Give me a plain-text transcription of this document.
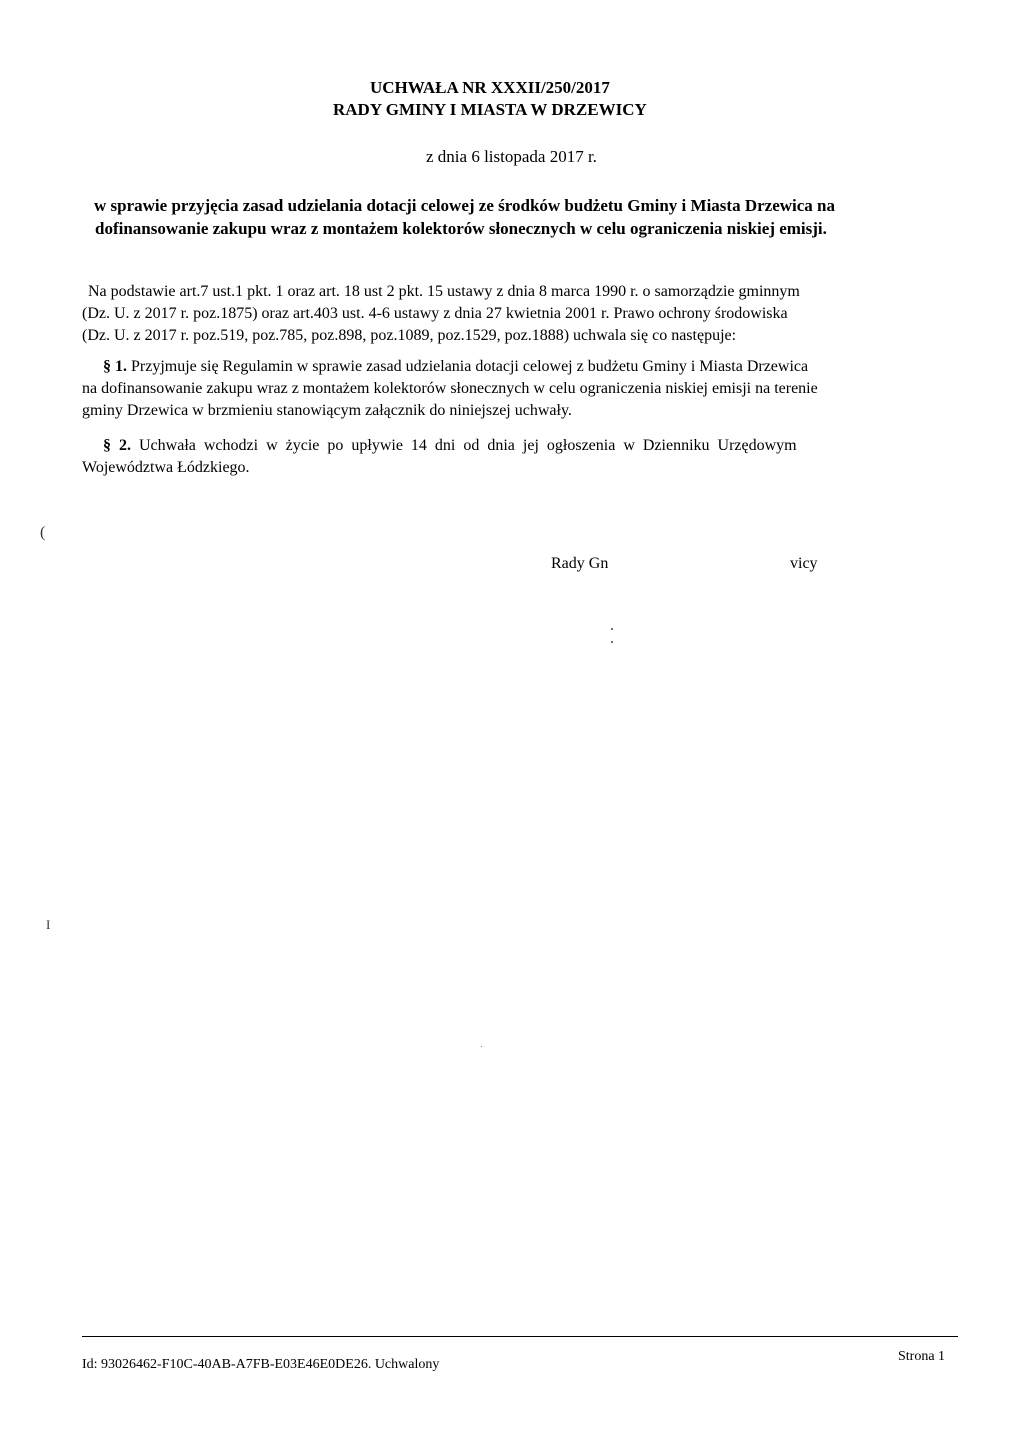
UCHWAŁA NR XXXII/250/2017
RADY GMINY I MIASTA W DRZEWICY
z dnia 6 listopada 2017 r.
w sprawie przyjęcia zasad udzielania dotacji celowej ze środków budżetu Gminy i Miasta Drzewica na
dofinansowanie zakupu wraz z montażem kolektorów słonecznych w celu ograniczenia niskiej emisji.
Na podstawie art.7 ust.1 pkt. 1 oraz art. 18 ust 2 pkt. 15 ustawy z dnia 8 marca 1990 r. o samorządzie gminnym
(Dz. U. z 2017 r. poz.1875) oraz art.403 ust. 4-6 ustawy z dnia 27 kwietnia 2001 r. Prawo ochrony środowiska
(Dz. U. z 2017 r. poz.519, poz.785, poz.898, poz.1089, poz.1529, poz.1888) uchwala się co następuje:
§ 1. Przyjmuje się Regulamin w sprawie zasad udzielania dotacji celowej z budżetu Gminy i Miasta Drzewica
na dofinansowanie zakupu wraz z montażem kolektorów słonecznych w celu ograniczenia niskiej emisji na terenie
gminy Drzewica w brzmieniu stanowiącym załącznik do niniejszej uchwały.
§ 2. Uchwała wchodzi w życie po upływie 14 dni od dnia jej ogłoszenia w Dzienniku Urzędowym
Województwa Łódzkiego.
(
Rady Gn	vicy
I
Id: 93026462-F10C-40AB-A7FB-E03E46E0DE26. Uchwalony
Strona 1
